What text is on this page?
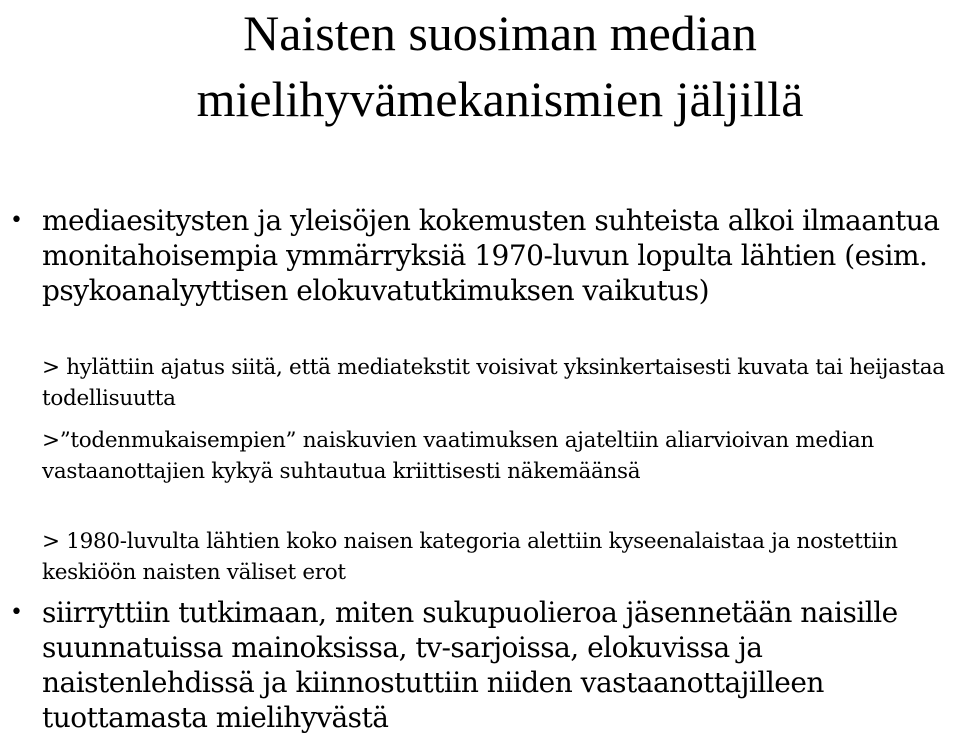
Naisten suosiman median mielihyvämekanismien jäljillä
• mediaesitysten ja yleisöjen kokemusten suhteista alkoi ilmaantua monitahoisempia ymmärryksiä 1970-luvun lopulta lähtien (esim. psykoanalyyttisen elokuvatutkimuksen vaikutus)
> hylättiin ajatus siitä, että mediatekstit voisivat yksinkertaisesti kuvata tai heijastaa todellisuutta
>”todenmukaisempien” naiskuvien vaatimuksen ajateltiin aliarvioivan median vastaanottajien kykyä suhtautua kriittisesti näkemäänsä
> 1980-luvulta lähtien koko naisen kategoria alettiin kyseenalaistaa ja nostettiin keskiöön naisten väliset erot
• siirryttiin tutkimaan, miten sukupuolieroa jäsennetään naisille suunnatuissa mainoksissa, tv-sarjoissa, elokuvissa ja naistenlehdissä ja kiinnostuttiin niiden vastaanottajilleen tuottamasta mielihyvästä
